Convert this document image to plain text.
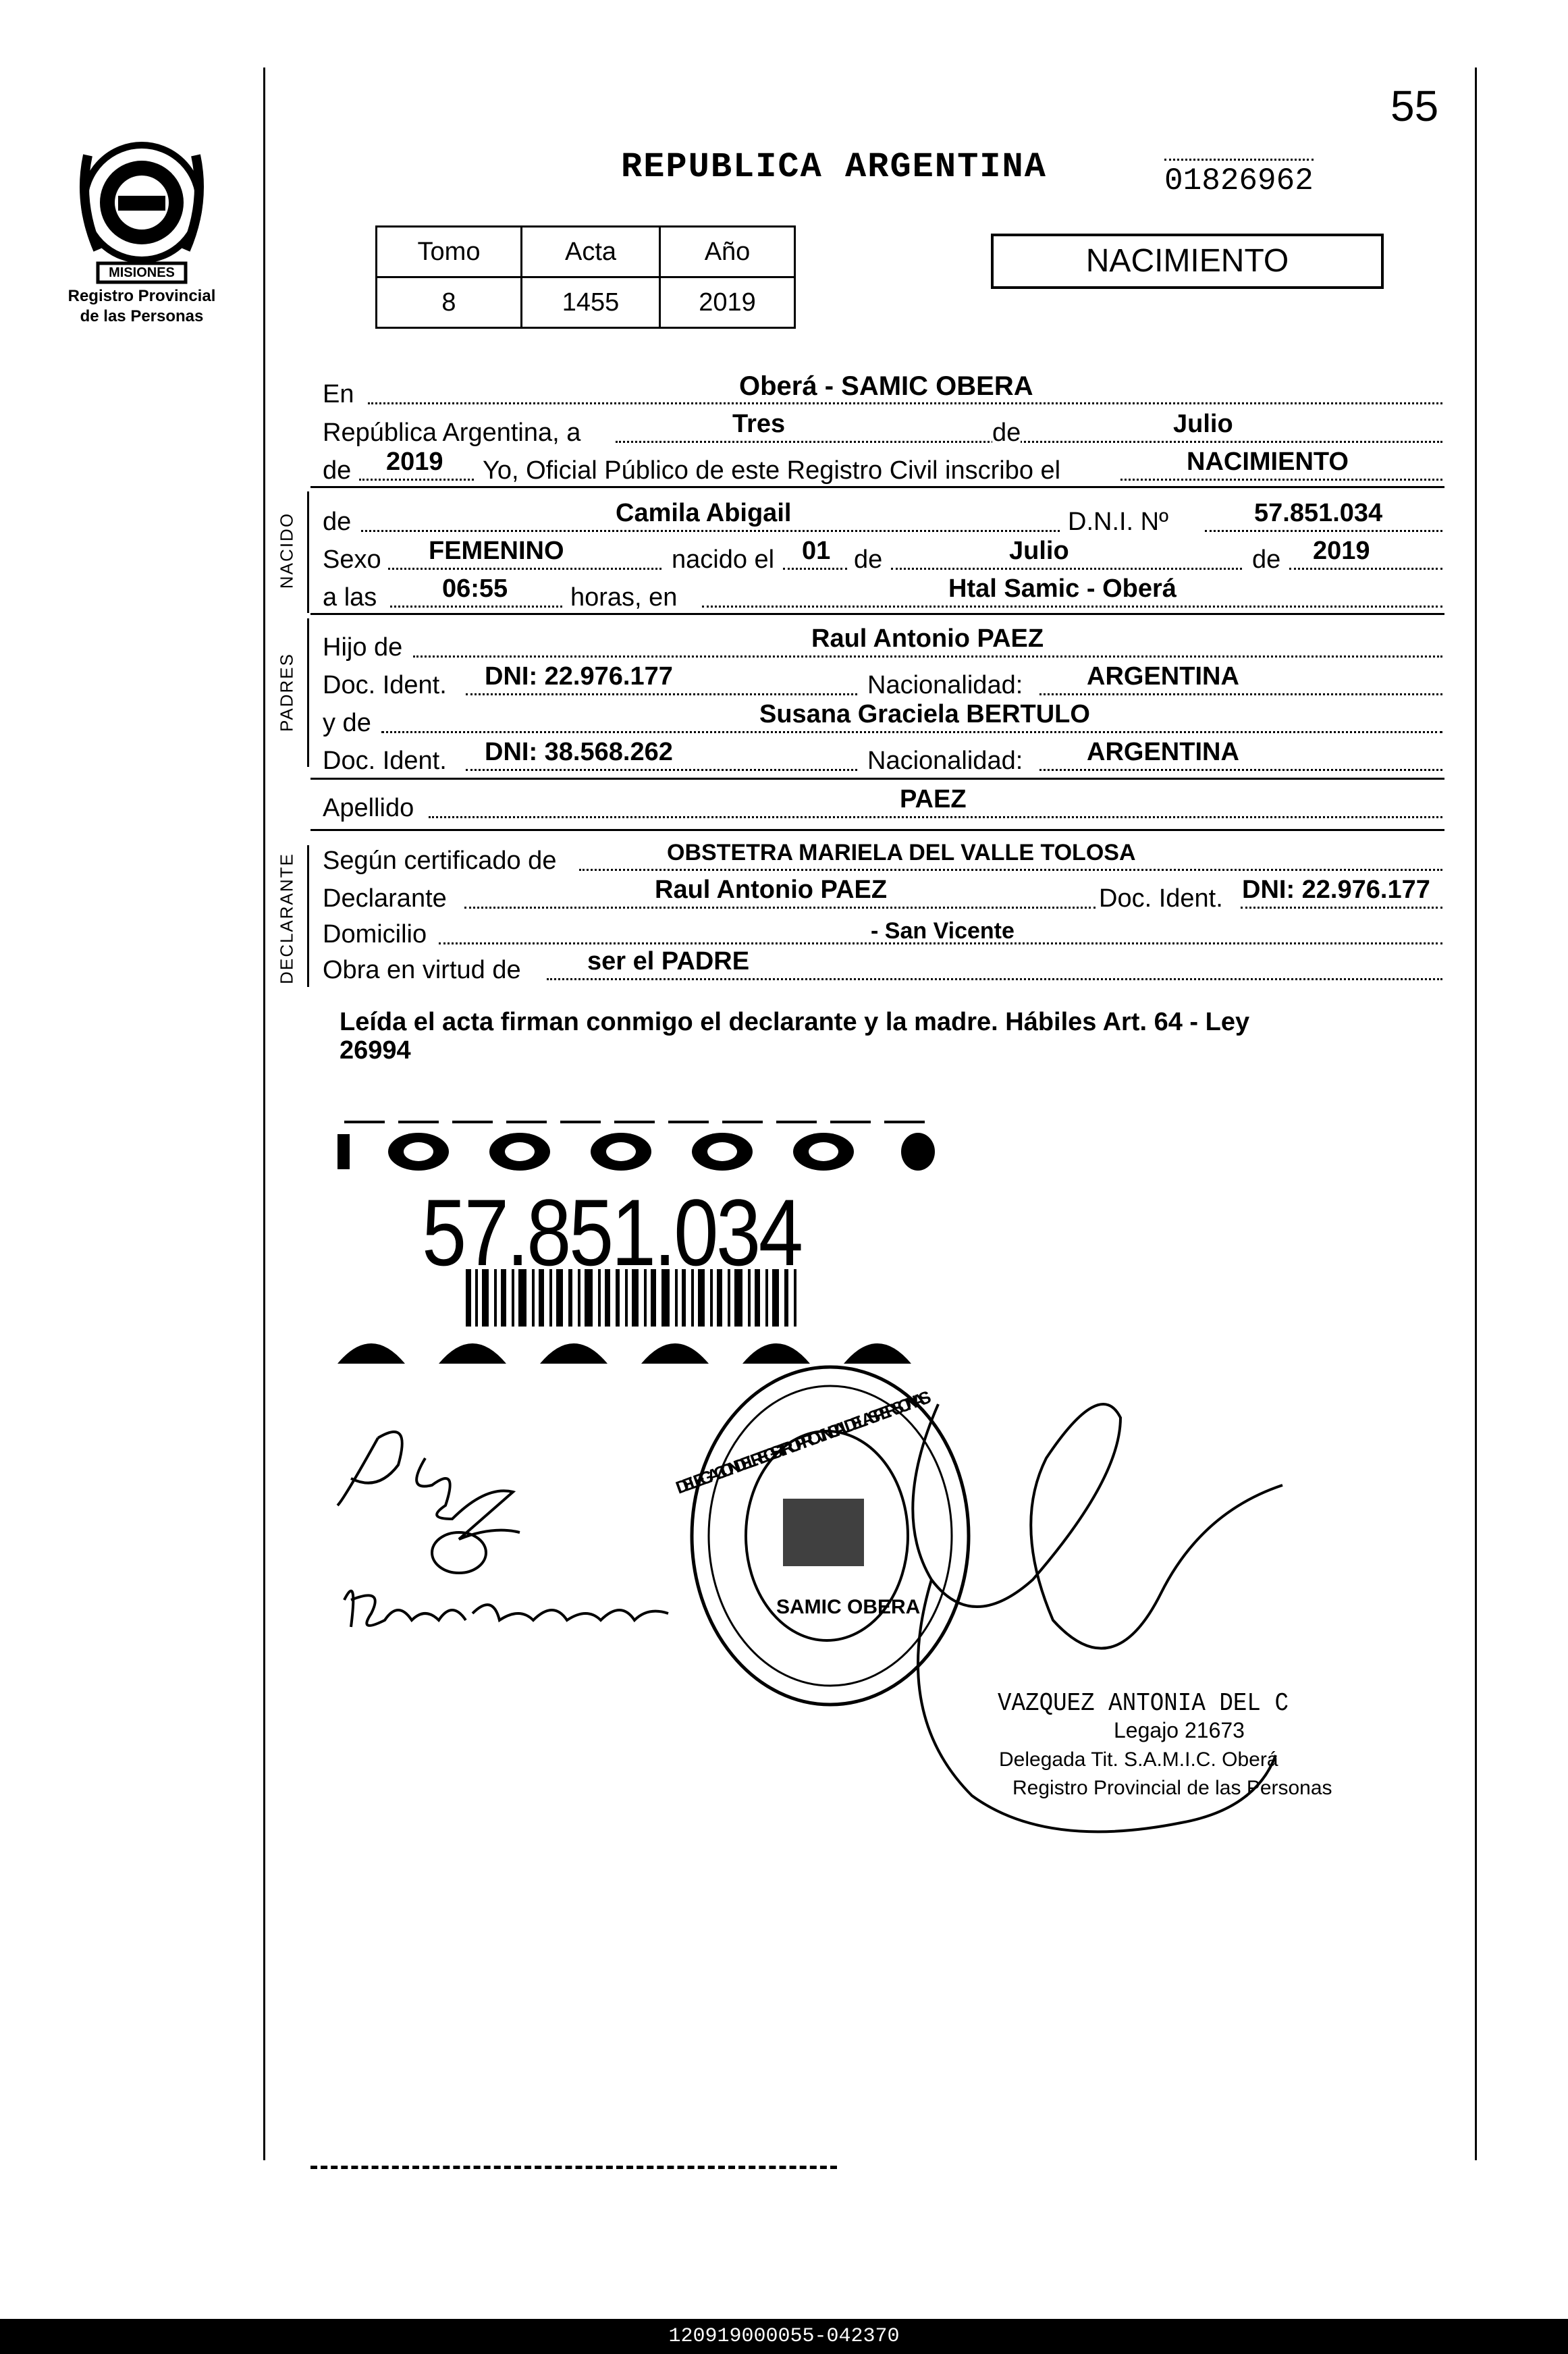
55
MISIONES
Registro Provincial
de las Personas
REPUBLICA ARGENTINA	01826962
NACIMIENTO
Tomo	Acta	Año
8	1455	2019
En	Oberá - SAMIC OBERA
República Argentina, a	Tres	de	Julio
de 2019 Yo, Oficial Público de este Registro Civil inscribo el	NACIMIENTO
NACIDO de	Camila Abigail	D.N.I. Nº	57.851.034
Sexo FEMENINO	nacido el 01 de	Julio	de 2019
a las	06:55 horas, en	Htal Samic - Oberá
PADRES
Hijo de	Raul Antonio PAEZ
Doc. Ident. DNI: 22.976.177	Nacionalidad: ARGENTINA
y de	Susana Graciela BERTULO
Doc. Ident. DNI: 38.568.262	Nacionalidad: ARGENTINA
Apellido	PAEZ
DECLARANTE Según certificado de	OBSTETRA MARIELA DEL VALLE TOLOSA
Declarante	Raul Antonio PAEZ	Doc. Ident. DNI: 22.976.177
Domicilio	- San Vicente
Obra en virtud de	ser el PADRE
Leída el acta firman conmigo el declarante y la madre. Hábiles Art. 64 - Ley
26994
57.851.034
SAMIC OBERA
DELEGACIÓN DEL REGISTRO PROVINCIAL DE LAS PERSONAS
VAZQUEZ ANTONIA DEL C
Legajo 21673
Delegada Tit. S.A.M.I.C. Oberá
Registro Provincial de las Personas
120919000055-042370
